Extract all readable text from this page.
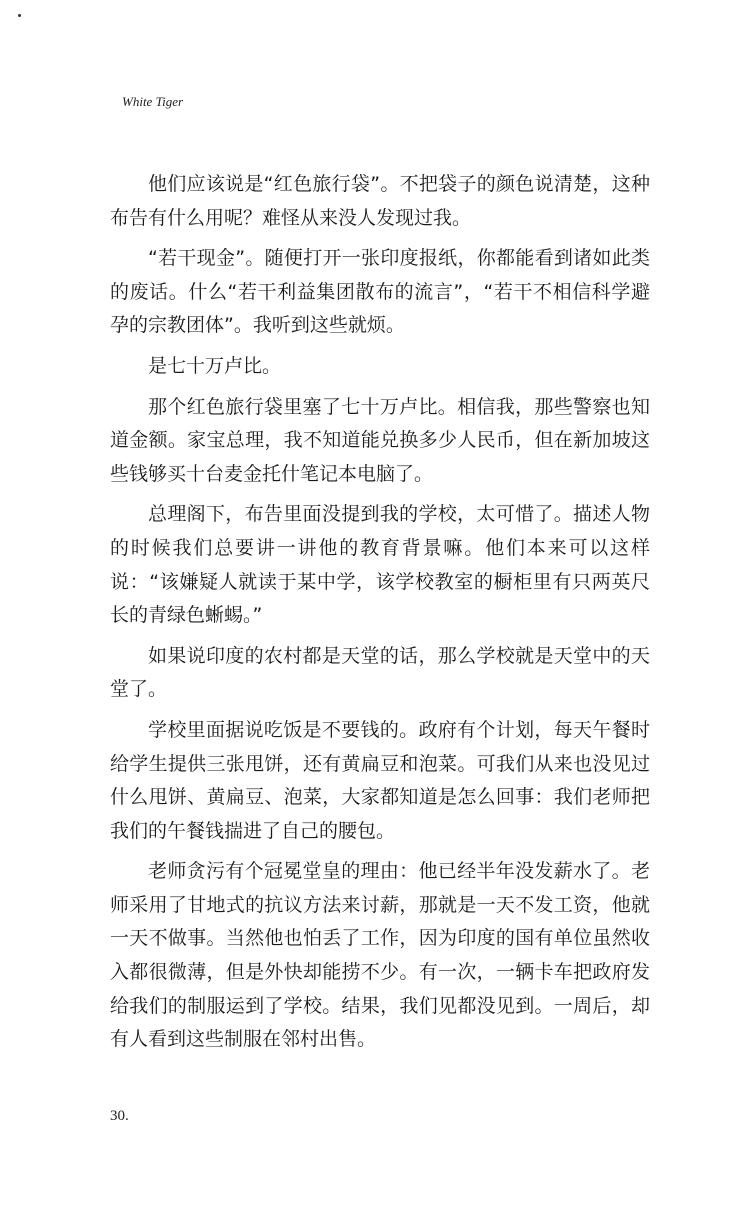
White Tiger

他们应该说是“红色旅行袋”。不把袋子的颜色说清楚，这种布告有什么用呢？难怪从来没人发现过我。

“若干现金”。随便打开一张印度报纸，你都能看到诸如此类的废话。什么“若干利益集团散布的流言”，“若干不相信科学避孕的宗教团体”。我听到这些就烦。

是七十万卢比。

那个红色旅行袋里塞了七十万卢比。相信我，那些警察也知道金额。家宝总理，我不知道能兑换多少人民币，但在新加坡这些钱够买十台麦金托什笔记本电脑了。

总理阁下，布告里面没提到我的学校，太可惜了。描述人物的时候我们总要讲一讲他的教育背景嘛。他们本来可以这样说：“该嫌疑人就读于某中学，该学校教室的橱柜里有只两英尺长的青绿色蜥蜴。”

如果说印度的农村都是天堂的话，那么学校就是天堂中的天堂了。

学校里面据说吃饭是不要钱的。政府有个计划，每天午餐时给学生提供三张甩饼，还有黄扁豆和泡菜。可我们从来也没见过什么甩饼、黄扁豆、泡菜，大家都知道是怎么回事：我们老师把我们的午餐钱揣进了自己的腰包。

老师贪污有个冠冕堂皇的理由：他已经半年没发薪水了。老师采用了甘地式的抗议方法来讨薪，那就是一天不发工资，他就一天不做事。当然他也怕丢了工作，因为印度的国有单位虽然收入都很微薄，但是外快却能捞不少。有一次，一辆卡车把政府发给我们的制服运到了学校。结果，我们见都没见到。一周后，却有人看到这些制服在邻村出售。

30.
